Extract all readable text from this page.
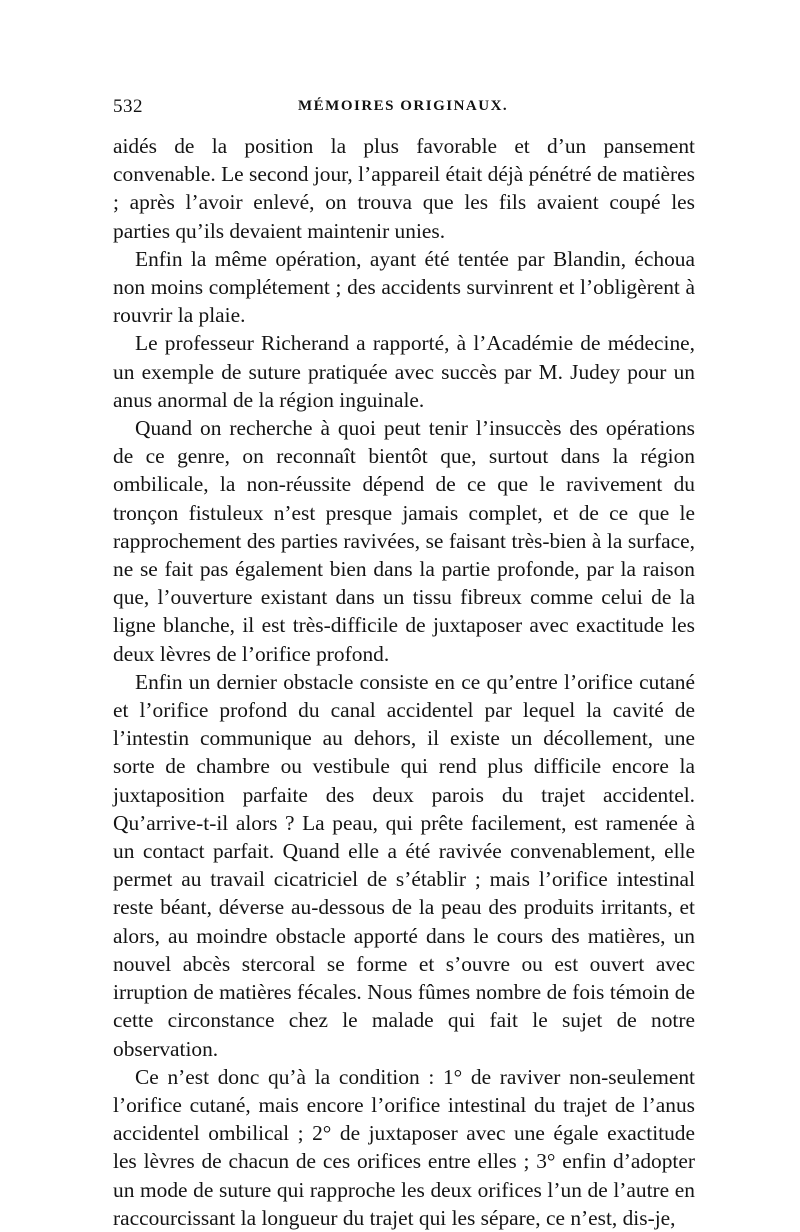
532	MÉMOIRES ORIGINAUX.

aidés de la position la plus favorable et d’un pansement convenable. Le second jour, l’appareil était déjà pénétré de matières ; après l’avoir enlevé, on trouva que les fils avaient coupé les parties qu’ils devaient maintenir unies.

Enfin la même opération, ayant été tentée par Blandin, échoua non moins complétement ; des accidents survinrent et l’obligèrent à rouvrir la plaie.

Le professeur Richerand a rapporté, à l’Académie de médecine, un exemple de suture pratiquée avec succès par M. Judey pour un anus anormal de la région inguinale.

Quand on recherche à quoi peut tenir l’insuccès des opérations de ce genre, on reconnaît bientôt que, surtout dans la région ombilicale, la non-réussite dépend de ce que le ravivement du tronçon fistuleux n’est presque jamais complet, et de ce que le rapprochement des parties ravivées, se faisant très-bien à la surface, ne se fait pas également bien dans la partie profonde, par la raison que, l’ouverture existant dans un tissu fibreux comme celui de la ligne blanche, il est très-difficile de juxtaposer avec exactitude les deux lèvres de l’orifice profond.

Enfin un dernier obstacle consiste en ce qu’entre l’orifice cutané et l’orifice profond du canal accidentel par lequel la cavité de l’intestin communique au dehors, il existe un décollement, une sorte de chambre ou vestibule qui rend plus difficile encore la juxtaposition parfaite des deux parois du trajet accidentel. Qu’arrive-t-il alors ? La peau, qui prête facilement, est ramenée à un contact parfait. Quand elle a été ravivée convenablement, elle permet au travail cicatriciel de s’établir ; mais l’orifice intestinal reste béant, déverse au-dessous de la peau des produits irritants, et alors, au moindre obstacle apporté dans le cours des matières, un nouvel abcès stercoral se forme et s’ouvre ou est ouvert avec irruption de matières fécales. Nous fûmes nombre de fois témoin de cette circonstance chez le malade qui fait le sujet de notre observation.

Ce n’est donc qu’à la condition : 1° de raviver non-seulement l’orifice cutané, mais encore l’orifice intestinal du trajet de l’anus accidentel ombilical ; 2° de juxtaposer avec une égale exactitude les lèvres de chacun de ces orifices entre elles ; 3° enfin d’adopter un mode de suture qui rapproche les deux orifices l’un de l’autre en raccourcissant la longueur du trajet qui les sépare, ce n’est, dis-je,
